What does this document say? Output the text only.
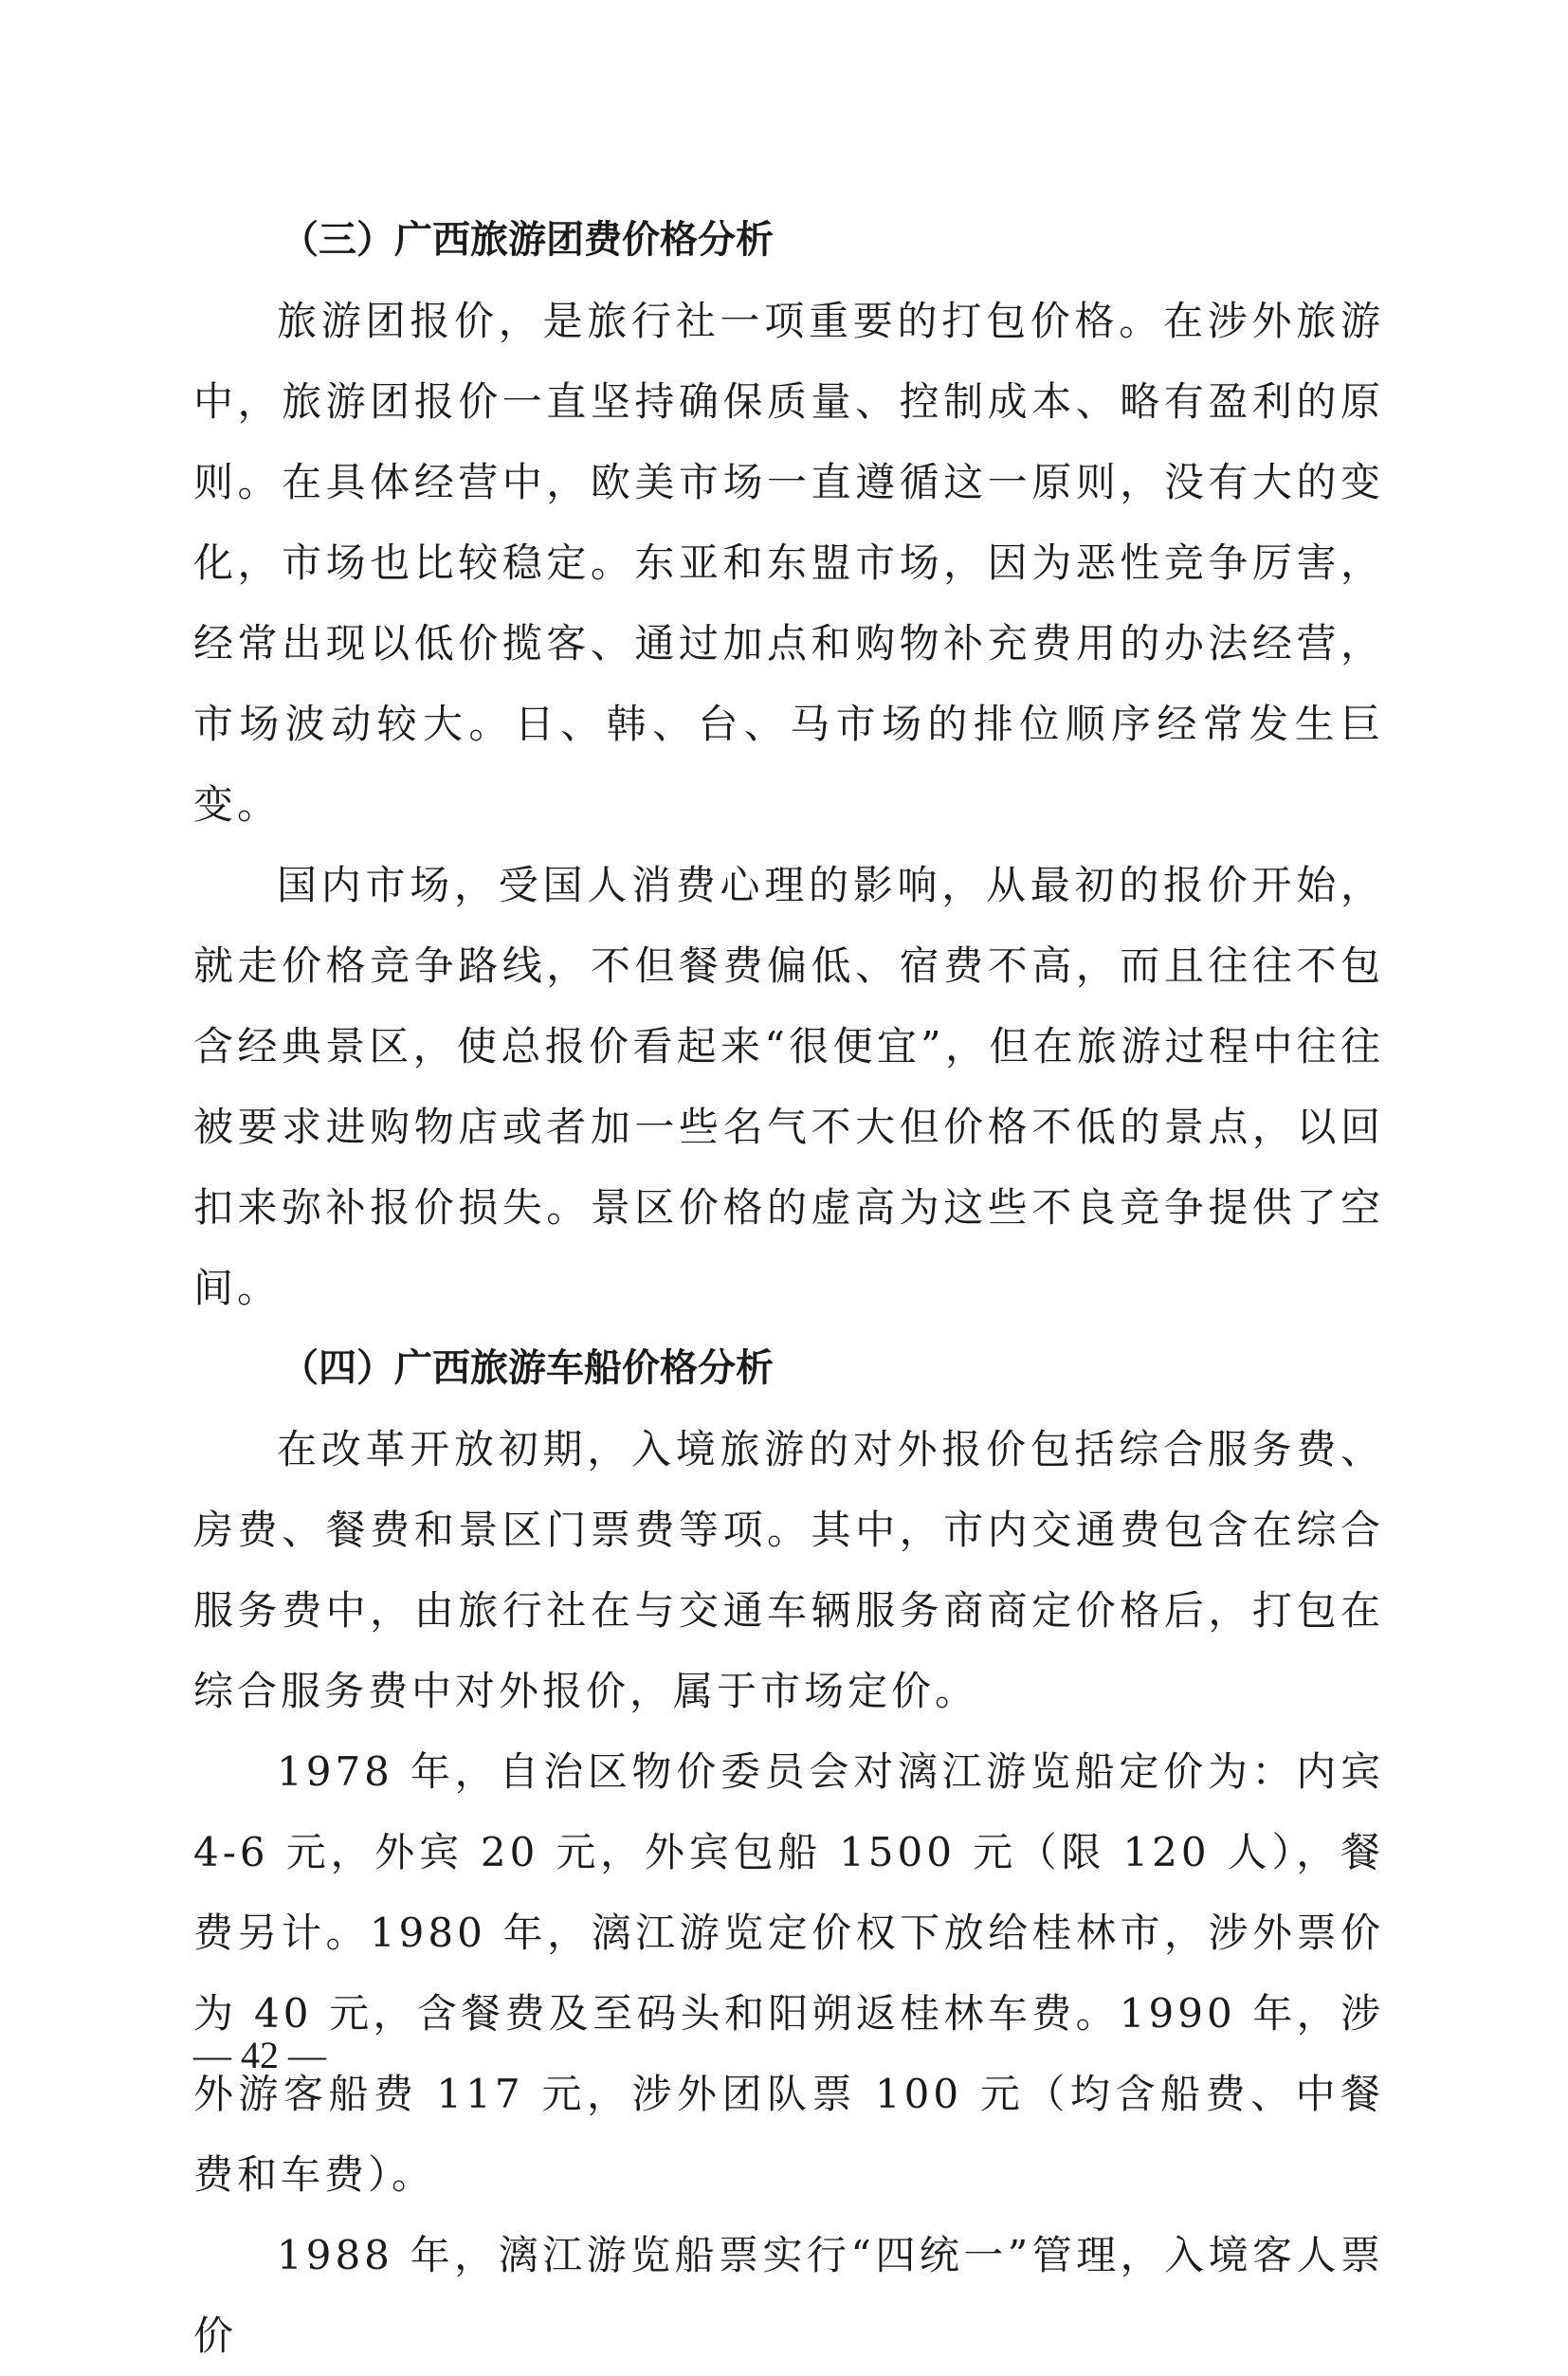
（三）广西旅游团费价格分析

旅游团报价，是旅行社一项重要的打包价格。在涉外旅游中，旅游团报价一直坚持确保质量、控制成本、略有盈利的原则。在具体经营中，欧美市场一直遵循这一原则，没有大的变化，市场也比较稳定。东亚和东盟市场，因为恶性竞争厉害，经常出现以低价揽客、通过加点和购物补充费用的办法经营，市场波动较大。日、韩、台、马市场的排位顺序经常发生巨变。

国内市场，受国人消费心理的影响，从最初的报价开始，就走价格竞争路线，不但餐费偏低、宿费不高，而且往往不包含经典景区，使总报价看起来“很便宜”，但在旅游过程中往往被要求进购物店或者加一些名气不大但价格不低的景点，以回扣来弥补报价损失。景区价格的虚高为这些不良竞争提供了空间。

（四）广西旅游车船价格分析

在改革开放初期，入境旅游的对外报价包括综合服务费、房费、餐费和景区门票费等项。其中，市内交通费包含在综合服务费中，由旅行社在与交通车辆服务商商定价格后，打包在综合服务费中对外报价，属于市场定价。

1978 年，自治区物价委员会对漓江游览船定价为：内宾 4-6 元，外宾 20 元，外宾包船 1500 元（限 120 人），餐费另计。1980 年，漓江游览定价权下放给桂林市，涉外票价为 40 元，含餐费及至码头和阳朔返桂林车费。1990 年，涉外游客船费 117 元，涉外团队票 100 元（均含船费、中餐费和车费）。

1988 年，漓江游览船票实行“四统一”管理，入境客人票价

— 42 —
